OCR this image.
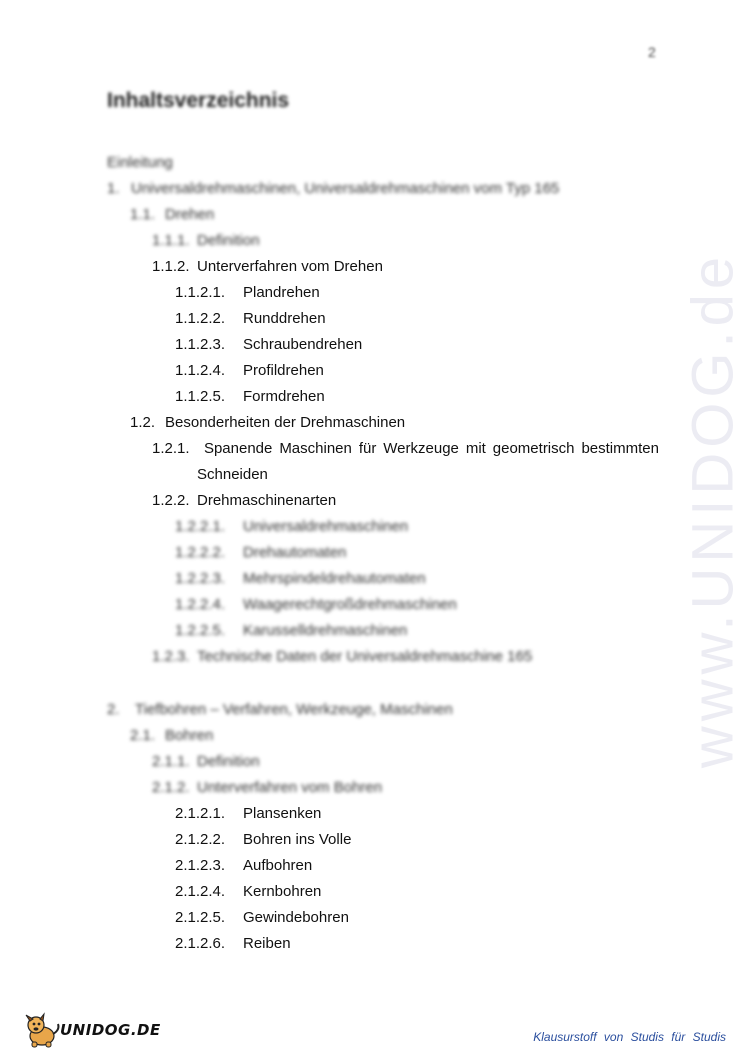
www.UNIDOG.de
2
Inhaltsverzeichnis
Einleitung
1. Universaldrehmaschinen, Universaldrehmaschinen vom Typ 165
1.1. Drehen
1.1.1. Definition
1.1.2. Unterverfahren vom Drehen
1.1.2.1. Plandrehen
1.1.2.2. Runddrehen
1.1.2.3. Schraubendrehen
1.1.2.4. Profildrehen
1.1.2.5. Formdrehen
1.2. Besonderheiten der Drehmaschinen
1.2.1. Spanende Maschinen für Werkzeuge mit geometrisch bestimmten
Schneiden
1.2.2. Drehmaschinenarten
1.2.2.1. Universaldrehmaschinen
1.2.2.2. Drehautomaten
1.2.2.3. Mehrspindeldrehautomaten
1.2.2.4. Waagerechtgroßdrehmaschinen
1.2.2.5. Karusselldrehmaschinen
1.2.3. Technische Daten der Universaldrehmaschine 165
2. Tiefbohren – Verfahren, Werkzeuge, Maschinen
2.1. Bohren
2.1.1. Definition
2.1.2. Unterverfahren vom Bohren
2.1.2.1. Plansenken
2.1.2.2. Bohren ins Volle
2.1.2.3. Aufbohren
2.1.2.4. Kernbohren
2.1.2.5. Gewindebohren
2.1.2.6. Reiben
UNIDOG.DE	Klausurstoff von Studis für Studis
